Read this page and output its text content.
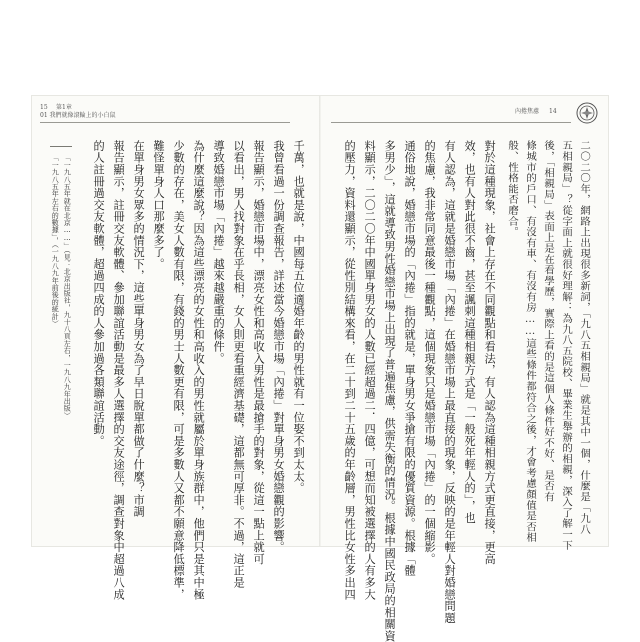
15 第1章
01 我們就像滾輪上的小白鼠
千萬，也就是說，中國每五位適婚年齡的男性就有一位娶不到太太。
我曾看過一份調查報告，詳述當今婚戀市場「內捲」對單身男女婚戀觀的影響。
報告顯示，婚戀市場中，漂亮女性和高收入男性是最搶手的對象，從這一點上就可
以看出，男人找對象在乎長相，女人則更看重經濟基礎，這都無可厚非。不過，這正是
導致婚戀市場「內捲」越來越嚴重的條件。
為什麼這麼說？因為這些漂亮的女性和高收入的男性就屬於單身族群中，他們只是其中極
少數的存在，美女人數有限，有錢的男士人數更有限，可是多數人又都不願意降低標準，
難怪單身人口那麼多了。
在單身男女眾多的情況下，這些單身男女為了早日脫單都做了什麼？市調
報告顯示，註冊交友軟體、參加聯誼活動是最多人選擇的交友途徑，調查對象中超過八成
的人註冊過交友軟體，超過四成的人參加過各類聯誼活動。
「一九八五年就在北京……」（見：北京出版社，九十八頁左右，一九八九年出版）
「一九八五年左右的數據」，（一九八九年前後的統計）
內捲焦慮 14
二〇二〇年，網路上出現很多新詞，「九八五相親局」就是其中一個，什麼是「九八
五相親局」？從字面上就很好理解：為九八五院校、畢業生舉辦的相親，深入了解一下
後，「相親局」表面上是在看學歷，實際上看的是這個人條件好不好、是否有
條城市的戶口、有沒有車、有沒有房……這些條件都符合之後，才會考慮顏值是否相
般、性格能否磨合。
對於這種現象，社會上存在不同觀點和看法，有人認為這種相親方式更直接，更高
效，也有人對此很不齒，甚至諷刺這種相親方式是「一般死年輕人的」，也
有人認為，這就是婚戀市場「內捲」在婚戀市場上最直接的現象，反映的是年輕人對婚戀問題
的焦慮，我非常同意最後一種觀點，這個現象只是婚戀市場「內捲」的一個縮影。
通俗地說，婚戀市場的「內捲」指的就是，單身男女爭搶有限的優質資源。根據「體
多男少」，這就導致男性婚戀市場上出現了普遍焦慮，供需失衡的情況。根據中國民政局的相關資
料顯示，二〇二〇年中國單身男女的人數已經超過二．四億，可想而知被選擇的人有多大
的壓力，資料還顯示，從性別結構來看，在二十到二十五歲的年齡層，男性比女性多出四
